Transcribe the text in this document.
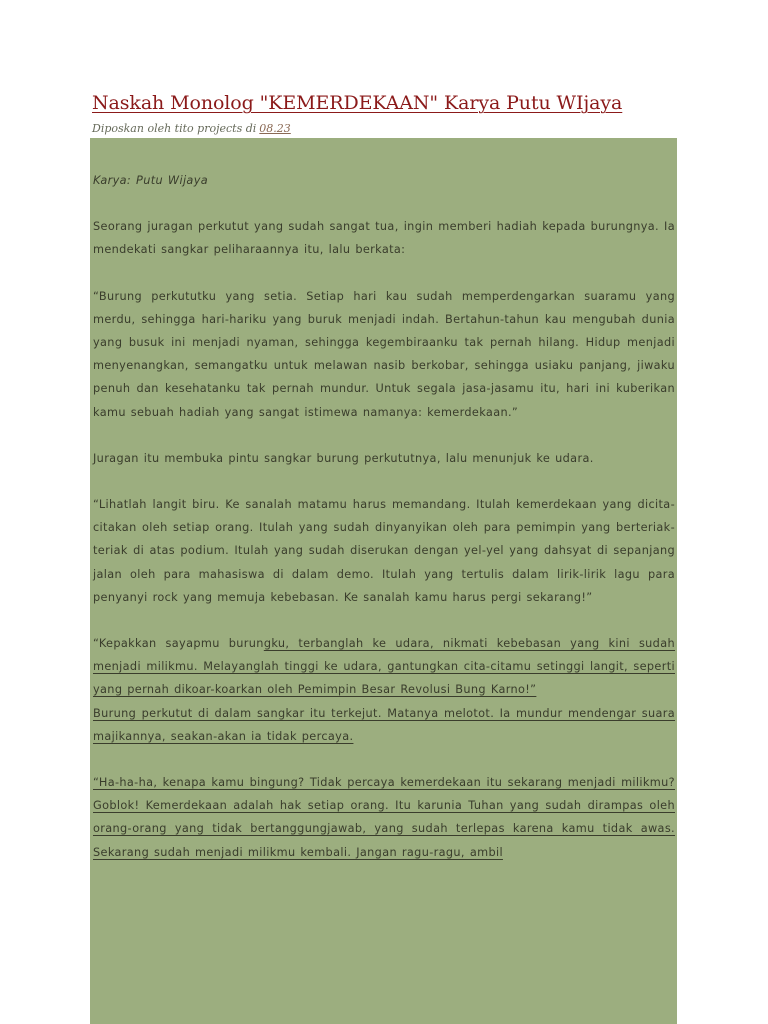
Naskah Monolog "KEMERDEKAAN" Karya Putu WIjaya
Diposkan oleh tito projects di 08.23

Karya: Putu Wijaya

Seorang juragan perkutut yang sudah sangat tua, ingin memberi hadiah kepada burungnya. Ia mendekati sangkar peliharaannya itu, lalu berkata:

“Burung perkututku yang setia. Setiap hari kau sudah memperdengarkan suaramu yang merdu, sehingga hari-hariku yang buruk menjadi indah. Bertahun-tahun kau mengubah dunia yang busuk ini menjadi nyaman, sehingga kegembiraanku tak pernah hilang. Hidup menjadi menyenangkan, semangatku untuk melawan nasib berkobar, sehingga usiaku panjang, jiwaku penuh dan kesehatanku tak pernah mundur. Untuk segala jasa-jasamu itu, hari ini kuberikan kamu sebuah hadiah yang sangat istimewa namanya: kemerdekaan.”

Juragan itu membuka pintu sangkar burung perkututnya, lalu menunjuk ke udara.

“Lihatlah langit biru. Ke sanalah matamu harus memandang. Itulah kemerdekaan yang dicita-citakan oleh setiap orang. Itulah yang sudah dinyanyikan oleh para pemimpin yang berteriak-teriak di atas podium. Itulah yang sudah diserukan dengan yel-yel yang dahsyat di sepanjang jalan oleh para mahasiswa di dalam demo. Itulah yang tertulis dalam lirik-lirik lagu para penyanyi rock yang memuja kebebasan. Ke sanalah kamu harus pergi sekarang!”

“Kepakkan sayapmu burungku, terbanglah ke udara, nikmati kebebasan yang kini sudah menjadi milikmu. Melayanglah tinggi ke udara, gantungkan cita-citamu setinggi langit, seperti yang pernah dikoar-koarkan oleh Pemimpin Besar Revolusi Bung Karno!”

Burung perkutut di dalam sangkar itu terkejut. Matanya melotot. Ia mundur mendengar suara majikannya, seakan-akan ia tidak percaya.

“Ha-ha-ha, kenapa kamu bingung? Tidak percaya kemerdekaan itu sekarang menjadi milikmu? Goblok! Kemerdekaan adalah hak setiap orang. Itu karunia Tuhan yang sudah dirampas oleh orang-orang yang tidak bertanggungjawab, yang sudah terlepas karena kamu tidak awas. Sekarang sudah menjadi milikmu kembali. Jangan ragu-ragu, ambil
